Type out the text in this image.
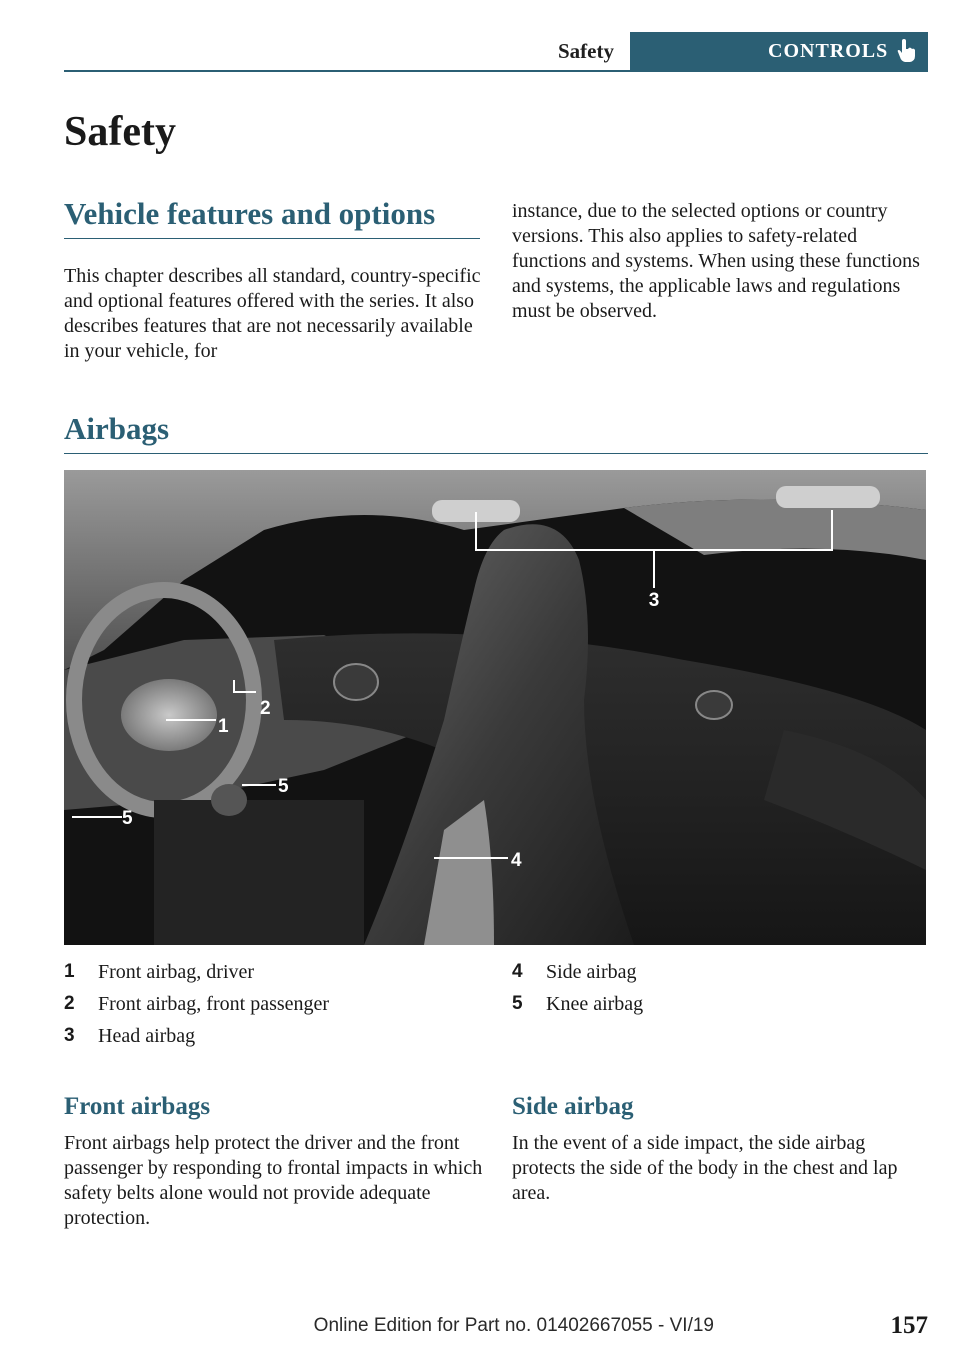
Safety	CONTROLS
Safety
Vehicle features and options

This chapter describes all standard, country-specific and optional features offered with the series. It also describes features that are not necessarily available in your vehicle, for

instance, due to the selected options or country versions. This also applies to safety-related functions and systems. When using these functions and systems, the applicable laws and regulations must be observed.

Airbags
3
1
2
5
5
4
1	Front airbag, driver
2	Front airbag, front passenger
3	Head airbag
4	Side airbag
5	Knee airbag
Front airbags

Front airbags help protect the driver and the front passenger by responding to frontal impacts in which safety belts alone would not provide adequate protection.

Side airbag

In the event of a side impact, the side airbag protects the side of the body in the chest and lap area.

Online Edition for Part no. 01402667055 - VI/19	157
